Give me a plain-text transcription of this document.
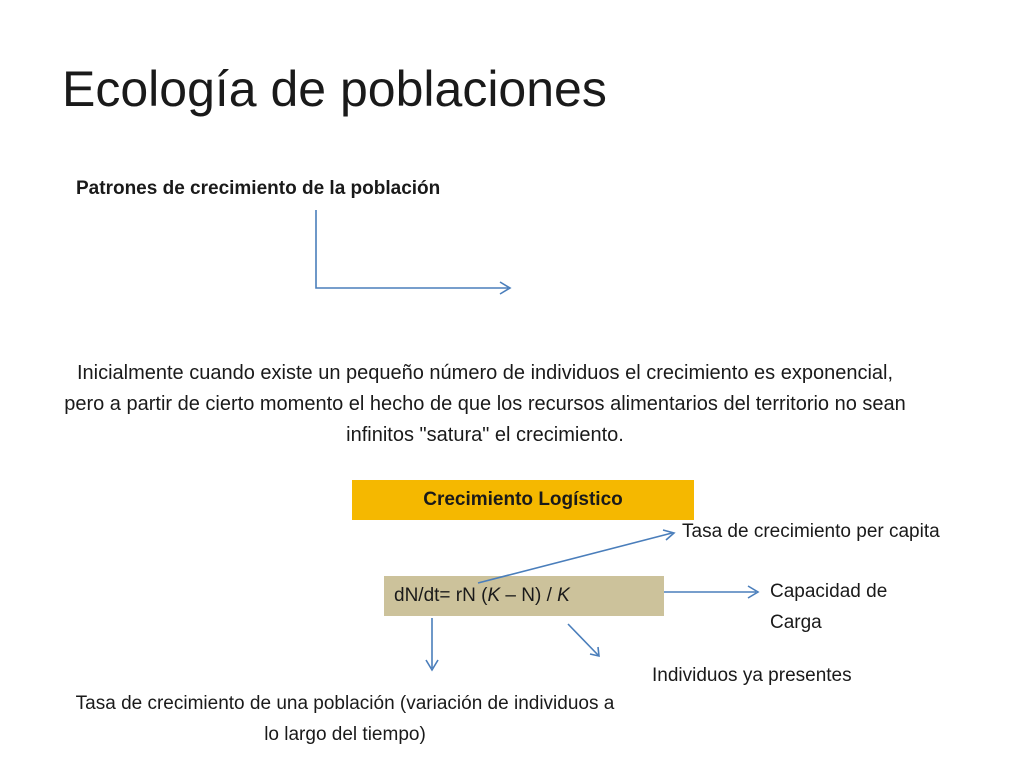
Ecología de poblaciones
Patrones de crecimiento de la población
Inicialmente cuando existe un pequeño número de individuos el crecimiento es exponencial, pero a partir de cierto momento el hecho de que los recursos alimentarios del territorio no sean infinitos "satura" el crecimiento.
Crecimiento Logístico
dN/dt= rN (K – N) / K
Tasa de crecimiento per capita
Capacidad de Carga
Individuos ya presentes
Tasa de crecimiento de una población (variación de individuos a lo largo del tiempo)
